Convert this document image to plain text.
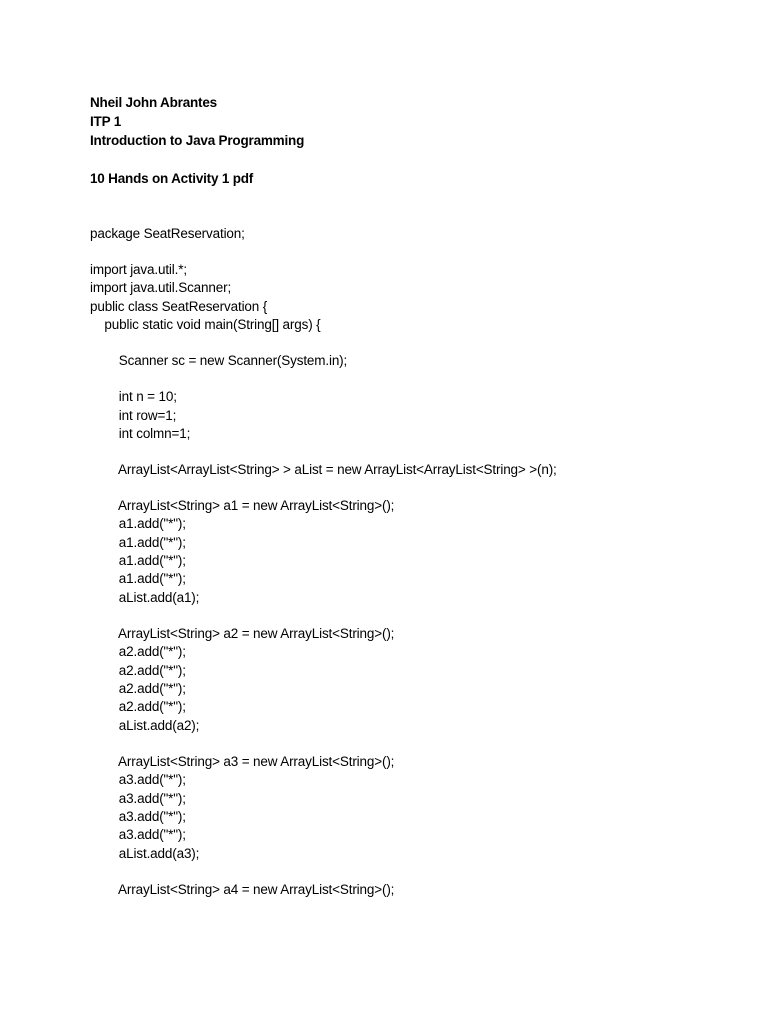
Nheil John Abrantes
ITP 1
Introduction to Java Programming
10 Hands on Activity 1 pdf
package SeatReservation;
import java.util.*;
import java.util.Scanner;
public class SeatReservation {
public static void main(String[] args) {
Scanner sc = new Scanner(System.in);
int n = 10;
int row=1;
int colmn=1;
ArrayList<ArrayList<String> > aList = new ArrayList<ArrayList<String> >(n);
ArrayList<String> a1 = new ArrayList<String>();
a1.add("*");
a1.add("*");
a1.add("*");
a1.add("*");
aList.add(a1);
ArrayList<String> a2 = new ArrayList<String>();
a2.add("*");
a2.add("*");
a2.add("*");
a2.add("*");
aList.add(a2);
ArrayList<String> a3 = new ArrayList<String>();
a3.add("*");
a3.add("*");
a3.add("*");
a3.add("*");
aList.add(a3);
ArrayList<String> a4 = new ArrayList<String>();
